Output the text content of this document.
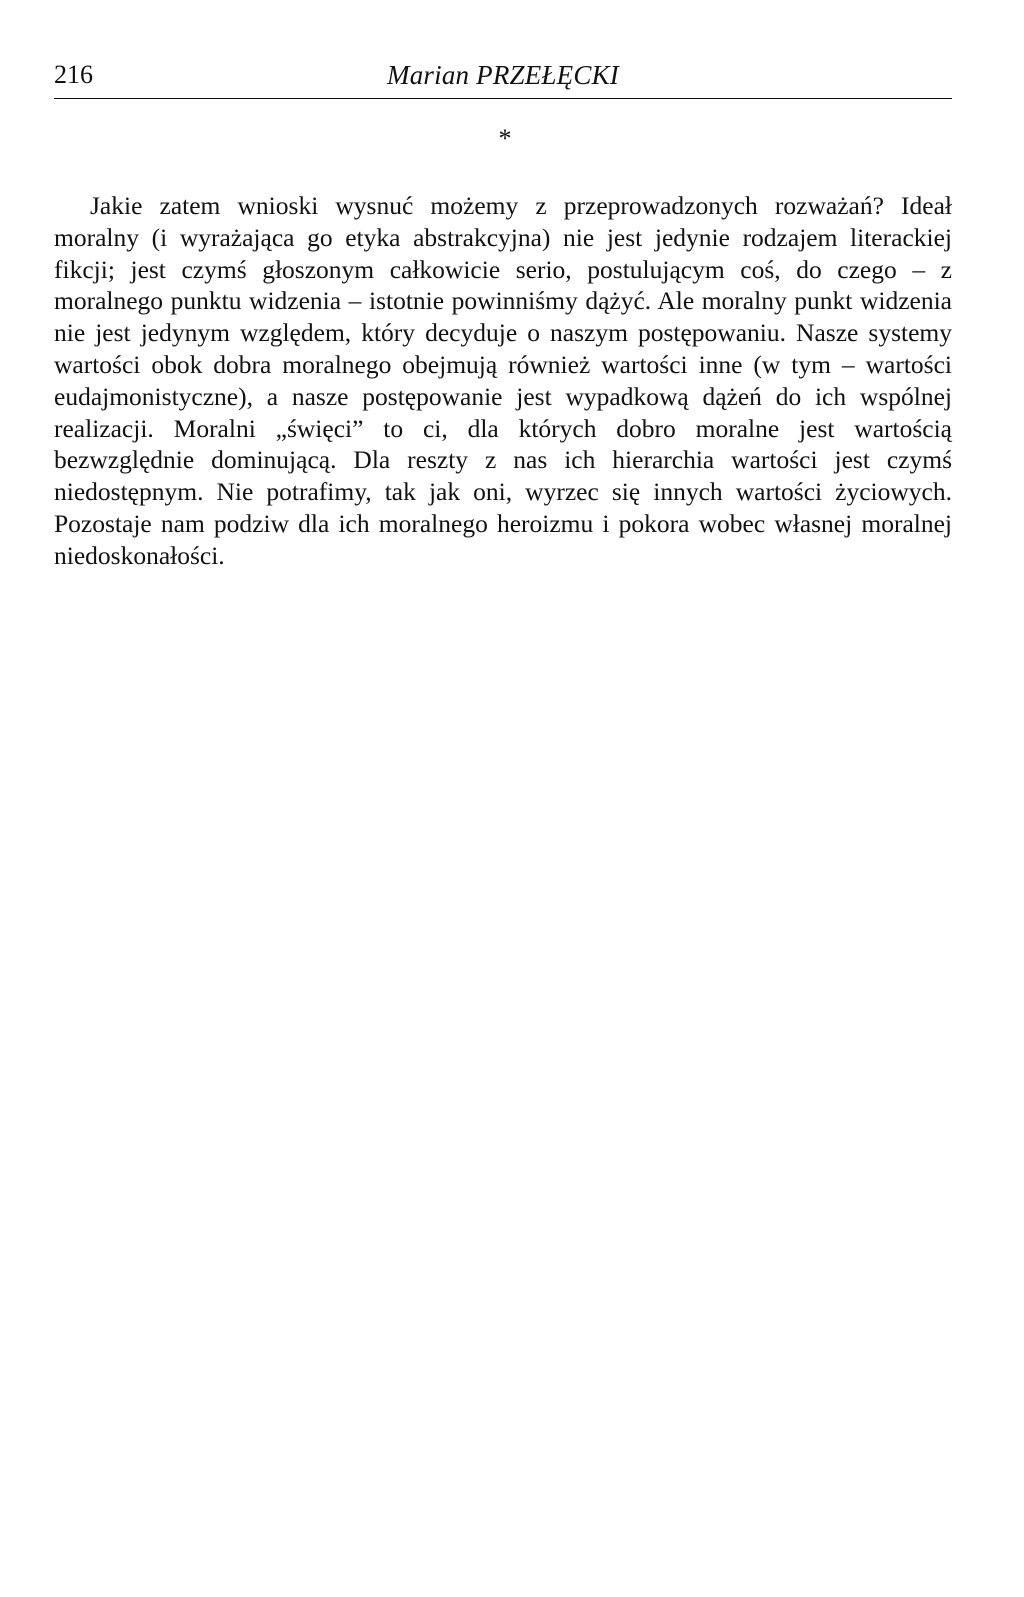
216	Marian PRZEŁĘCKI
*

Jakie zatem wnioski wysnuć możemy z przeprowadzonych rozważań? Ideał moralny (i wyrażająca go etyka abstrakcyjna) nie jest jedynie rodzajem literackiej fikcji; jest czymś głoszonym całkowicie serio, postulującym coś, do czego – z moralnego punktu widzenia – istotnie powinniśmy dążyć. Ale moralny punkt widzenia nie jest jedynym względem, który decyduje o naszym postępowaniu. Nasze systemy wartości obok dobra moralnego obejmują również wartości inne (w tym – wartości eudajmonistyczne), a nasze postępowanie jest wypadkową dążeń do ich wspólnej realizacji. Moralni „święci” to ci, dla których dobro moralne jest wartością bezwzględnie dominującą. Dla reszty z nas ich hierarchia wartości jest czymś niedostępnym. Nie potrafimy, tak jak oni, wyrzec się innych wartości życiowych. Pozostaje nam podziw dla ich moralnego heroizmu i pokora wobec własnej moralnej niedoskonałości.
